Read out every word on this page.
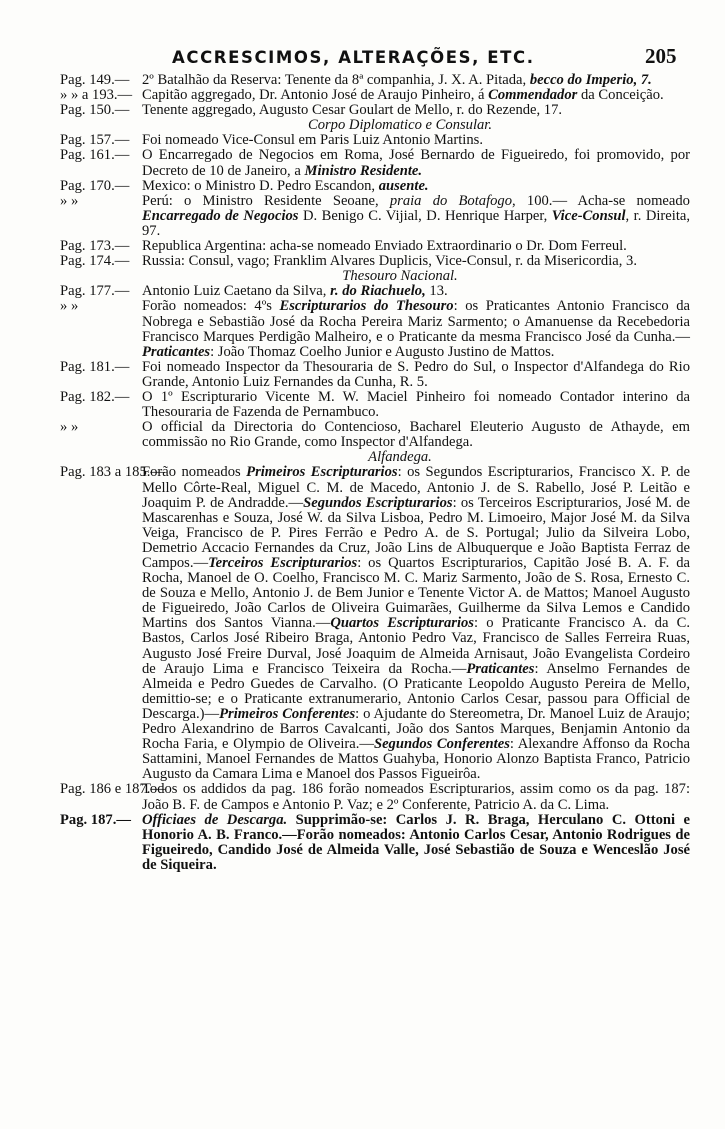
ACCRESCIMOS, ALTERAÇÕES, ETC.	205
Pag. 149.— 2º Batalhão da Reserva: Tenente da 8ª companhia, J. X. A. Pitada, becco do Imperio, 7.
» » a 193.— Capitão aggregado, Dr. Antonio José de Araujo Pinheiro, á Commendador da Conceição.
Pag. 150.— Tenente aggregado, Augusto Cesar Goulart de Mello, r. do Rezende, 17.

Corpo Diplomatico e Consular.

Pag. 157.— Foi nomeado Vice-Consul em Paris Luiz Antonio Martins.
Pag. 161.— O Encarregado de Negocios em Roma, José Bernardo de Figueiredo, foi promovido, por Decreto de 10 de Janeiro, a Ministro Residente.
Pag. 170.— Mexico: o Ministro D. Pedro Escandon, ausente.
» »	Perú: o Ministro Residente Seoane, praia do Botafogo, 100.— Acha-se nomeado Encarregado de Negocios D. Benigo C. Vijial, D. Henrique Harper, Vice-Consul, r. Direita, 97.
Pag. 173.— Republica Argentina: acha-se nomeado Enviado Extraordinario o Dr. Dom Ferreul.
Pag. 174.— Russia: Consul, vago; Franklim Alvares Duplicis, Vice-Consul, r. da Misericordia, 3.

Thesouro Nacional.

Pag. 177.— Antonio Luiz Caetano da Silva, r. do Riachuelo, 13.
» »	Forão nomeados: 4ºs Escripturarios do Thesouro: os Praticantes Antonio Francisco da Nobrega e Sebastião José da Rocha Pereira Mariz Sarmento; o Amanuense da Recebedoria Francisco Marques Perdigão Malheiro, e o Praticante da mesma Francisco José da Cunha.—Praticantes: João Thomaz Coelho Junior e Augusto Justino de Mattos.
Pag. 181.— Foi nomeado Inspector da Thesouraria de S. Pedro do Sul, o Inspector d'Alfandega do Rio Grande, Antonio Luiz Fernandes da Cunha, R. 5.
Pag. 182.— O 1º Escripturario Vicente M. W. Maciel Pinheiro foi nomeado Contador interino da Thesouraria de Fazenda de Pernambuco.
» »	O official da Directoria do Contencioso, Bacharel Eleuterio Augusto de Athayde, em commissão no Rio Grande, como Inspector d'Alfandega.

Alfandega.

Pag. 183 a 185.—
Forão nomeados Primeiros Escripturarios: os Segundos Escripturarios, Francisco X. P. de Mello Côrte-Real, Miguel C. M. de Macedo, Antonio J. de S. Rabello, José P. Leitão e Joaquim P. de Andradde.—Segundos Escripturarios: os Terceiros Escripturarios, José M. de Mascarenhas e Souza, José W. da Silva Lisboa, Pedro M. Limoeiro, Major José M. da Silva Veiga, Francisco de P. Pires Ferrão e Pedro A. de S. Portugal; Julio da Silveira Lobo, Demetrio Accacio Fernandes da Cruz, João Lins de Albuquerque e João Baptista Ferraz de Campos.—Terceiros Escripturarios: os Quartos Escripturarios, Capitão José B. A. F. da Rocha, Manoel de O. Coelho, Francisco M. C. Mariz Sarmento, João de S. Rosa, Ernesto C. de Souza e Mello, Antonio J. de Bem Junior e Tenente Victor A. de Mattos; Manoel Augusto de Figueiredo, João Carlos de Oliveira Guimarães, Guilherme da Silva Lemos e Candido Martins dos Santos Vianna.—Quartos Escripturarios: o Praticante Francisco A. da C. Bastos, Carlos José Ribeiro Braga, Antonio Pedro Vaz, Francisco de Salles Ferreira Ruas, Augusto José Freire Durval, José Joaquim de Almeida Arnisaut, João Evangelista Cordeiro de Araujo Lima e Francisco Teixeira da Rocha.—Praticantes: Anselmo Fernandes de Almeida e Pedro Guedes de Carvalho. (O Praticante Leopoldo Augusto Pereira de Mello, demittio-se; e o Praticante extranumerario, Antonio Carlos Cesar, passou para Official de Descarga.)—Primeiros Conferentes: o Ajudante do Stereometra, Dr. Manoel Luiz de Araujo; Pedro Alexandrino de Barros Cavalcanti, João dos Santos Marques, Benjamin Antonio da Rocha Faria, e Olympio de Oliveira.—Segundos Conferentes: Alexandre Affonso da Rocha Sattamini, Manoel Fernandes de Mattos Guahyba, Honorio Alonzo Baptista Franco, Patricio Augusto da Camara Lima e Manoel dos Passos Figueirôa.
Pag. 186 e 187.—
Todos os addidos da pag. 186 forão nomeados Escripturarios, assim como os da pag. 187: João B. F. de Campos e Antonio P. Vaz; e 2º Conferente, Patricio A. da C. Lima.
Pag. 187.— Officiaes de Descarga. Supprimão-se: Carlos J. R. Braga, Herculano C. Ottoni e Honorio A. B. Franco.—Forão nomeados: Antonio Carlos Cesar, Antonio Rodrigues de Figueiredo, Candido José de Almeida Valle, José Sebastião de Souza e Wenceslão José de Siqueira.
